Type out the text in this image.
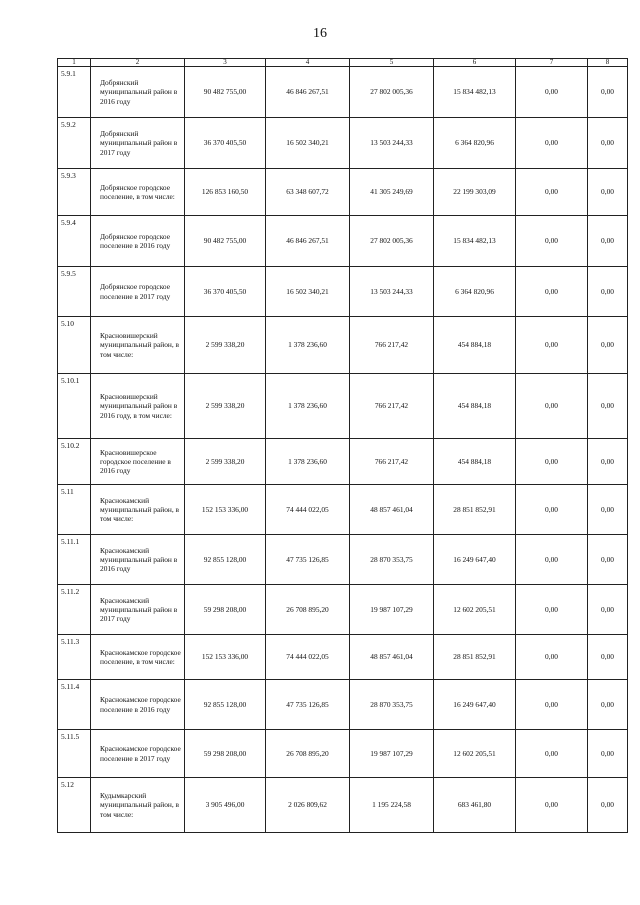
16
1	2	3	4	5	6	7	8
5.9.1	Добрянский муниципальный район в 2016 году	90 482 755,00	46 846 267,51	27 802 005,36	15 834 482,13	0,00	0,00
5.9.2	Добрянский муниципальный район в 2017 году	36 370 405,50	16 502 340,21	13 503 244,33	6 364 820,96	0,00	0,00
5.9.3	Добрянское городское поселение, в том числе:	126 853 160,50	63 348 607,72	41 305 249,69	22 199 303,09	0,00	0,00
5.9.4	Добрянское городское поселение в 2016 году	90 482 755,00	46 846 267,51	27 802 005,36	15 834 482,13	0,00	0,00
5.9.5	Добрянское городское поселение в 2017 году	36 370 405,50	16 502 340,21	13 503 244,33	6 364 820,96	0,00	0,00
5.10	Красновишерский муниципальный район, в том числе:	2 599 338,20	1 378 236,60	766 217,42	454 884,18	0,00	0,00
5.10.1	Красновишерский муниципальный район в 2016 году, в том числе:	2 599 338,20	1 378 236,60	766 217,42	454 884,18	0,00	0,00
5.10.2	Красновишерское городское поселение в 2016 году	2 599 338,20	1 378 236,60	766 217,42	454 884,18	0,00	0,00
5.11	Краснокамский муниципальный район, в том числе:	152 153 336,00	74 444 022,05	48 857 461,04	28 851 852,91	0,00	0,00
5.11.1	Краснокамский муниципальный район в 2016 году	92 855 128,00	47 735 126,85	28 870 353,75	16 249 647,40	0,00	0,00
5.11.2	Краснокамский муниципальный район в 2017 году	59 298 208,00	26 708 895,20	19 987 107,29	12 602 205,51	0,00	0,00
5.11.3	Краснокамское городское поселение, в том числе:	152 153 336,00	74 444 022,05	48 857 461,04	28 851 852,91	0,00	0,00
5.11.4	Краснокамское городское поселение в 2016 году	92 855 128,00	47 735 126,85	28 870 353,75	16 249 647,40	0,00	0,00
5.11.5	Краснокамское городское поселение в 2017 году	59 298 208,00	26 708 895,20	19 987 107,29	12 602 205,51	0,00	0,00
5.12	Кудымкарский муниципальный район, в том числе:	3 905 496,00	2 026 809,62	1 195 224,58	683 461,80	0,00	0,00
